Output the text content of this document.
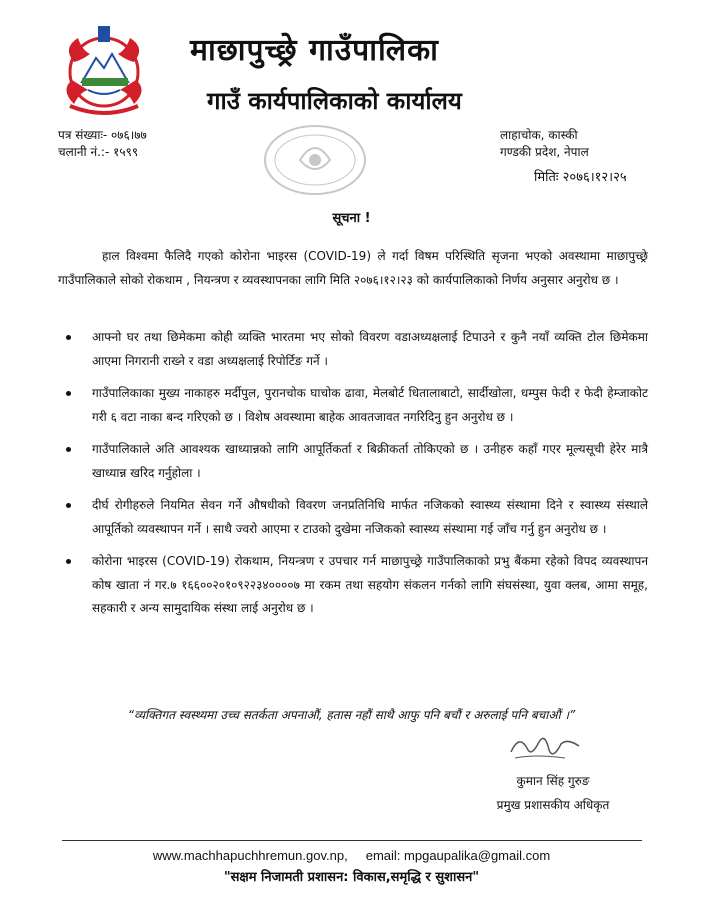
माछापुच्छ्रे गाउँपालिका
गाउँ कार्यपालिकाको कार्यालय
पत्र संख्याः- ०७६।७७
चलानी नं.:- १५९९
लाहाचोक, कास्की
गण्डकी प्रदेश, नेपाल
मितिः २०७६।१२।२५
सूचना !
हाल विश्वमा फैलिदै गएको कोरोना भाइरस (COVID-19) ले गर्दा विषम परिस्थिति सृजना भएको अवस्थामा माछापुच्छ्रे गाउँपालिकाले सोको रोकथाम , नियन्त्रण र व्यवस्थापनका लागि मिति २०७६।१२।२३ को कार्यपालिकाको निर्णय अनुसार अनुरोध छ ।
आफ्नो घर तथा छिमेकमा कोही व्यक्ति भारतमा भए सोको विवरण वडाअध्यक्षलाई टिपाउने र कुनै नयाँ व्यक्ति टोल छिमेकमा आएमा निगरानी राख्ने र वडा अध्यक्षलाई रिपोर्टिङ गर्ने ।
गाउँपालिकाका मुख्य नाकाहरु मर्दीपुल, पुरानचोक घाचोक ढावा, मेलबोर्ट धिताला‍बाटो, सार्दीखोला, धम्पुस फेदी र फेदी हेम्जाकोट गरी ६ वटा नाका बन्द गरिएको छ । विशेष अवस्थामा बाहेक आवतजावत नगरिदिनु हुन अनुरोध छ ।
गाउँपालिकाले अति आवश्यक खाध्यान्नको लागि आपूर्तिकर्ता र बिक्रीकर्ता तोकिएको छ । उनीहरु कहाँ गएर मूल्यसूची हेरेर मात्रै खाध्यान्न खरिद गर्नुहोला ।
दीर्घ रोगीहरुले नियमित सेवन गर्ने औषधीको विवरण जनप्रतिनिधि मार्फत नजिकको स्वास्थ्य संस्थामा दिने र स्वास्थ्य संस्थाले आपूर्तिको व्यवस्थापन गर्ने । साथै ज्वरो आएमा र टाउको दुखेमा नजिकको स्वास्थ्य संस्थामा गई जाँच गर्नु हुन अनुरोध छ ।
कोरोना भाइरस (COVID-19) रोकथाम, नियन्त्रण र उपचार गर्न माछापुच्छ्रे गाउँपालिकाको प्रभु बैंकमा रहेको विपद व्यवस्थापन कोष खाता नं गर.७ १६६००२०१०९२२३४००००७ मा रकम तथा सहयोग संकलन गर्नको लागि संघसंस्था, युवा क्लब, आमा समूह, सहकारी र अन्य सामुदायिक संस्था लाई अनुरोध छ ।
“व्यक्तिगत स्वस्थ्यमा उच्च सतर्कता अपनाऔं, हतास नहौं साथै आफु पनि बचौं र अरुलाई पनि बचाऔं ।”
कुमान सिंह गुरुङ
प्रमुख प्रशासकीय अधिकृत
www.machhapuchhremun.gov.np,     email: mpgaupalika@gmail.com
"सक्षम निजामती प्रशासन: विकास,समृद्धि र सुशासन"
